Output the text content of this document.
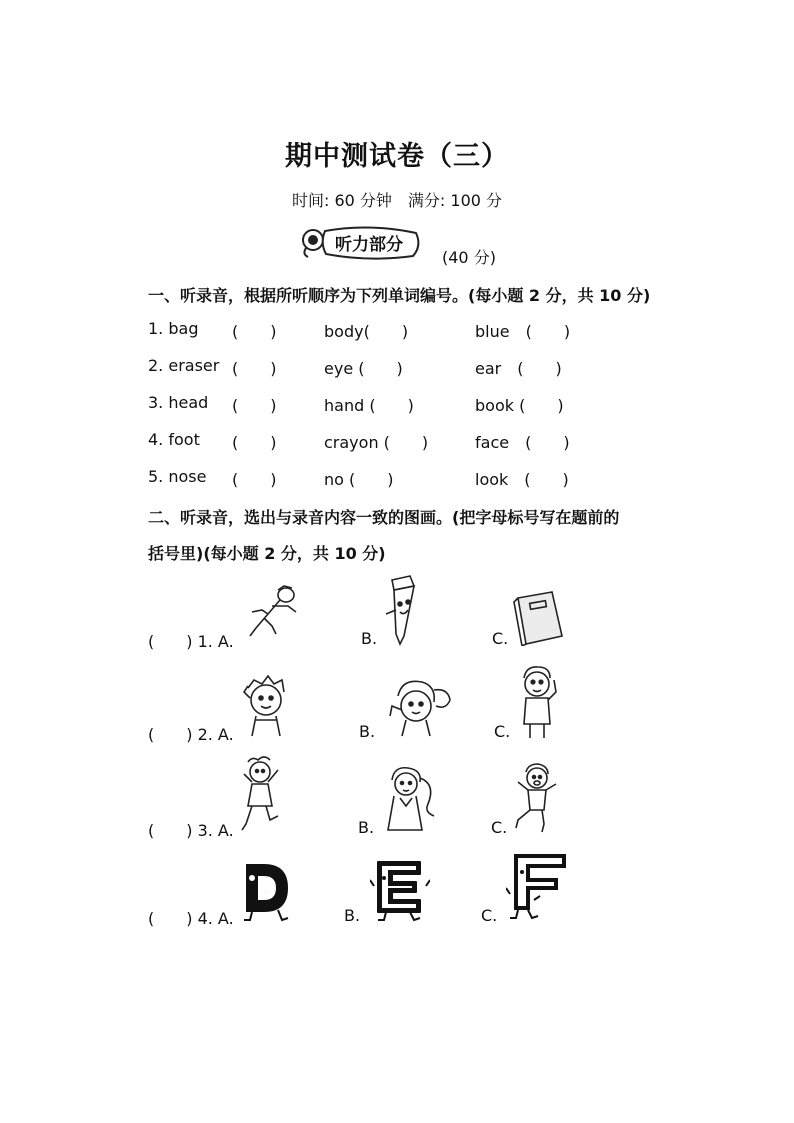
期中测试卷（三）
时间: 60 分钟　满分: 100 分
听力部分
(40 分)
一、听录音，根据所听顺序为下列单词编号。(每小题 2 分，共 10 分)
1. bag (　　)	body(　　)	blue　(　　)
2. eraser (　　)	eye (　　)	ear　(　　)
3. head (　　)	hand (　　)	book (　　)
4. foot (　　)	crayon (　　)	face　(　　)
5. nose (　　)	no (　　)	look　(　　)
二、听录音，选出与录音内容一致的图画。(把字母标号写在题前的
括号里)(每小题 2 分，共 10 分)
(　　) 1. A.	B.	C.
(　　) 2. A.	B.	C.
(　　) 3. A.	B.	C.
(　　) 4. A.
D
B.
E
C.
F
